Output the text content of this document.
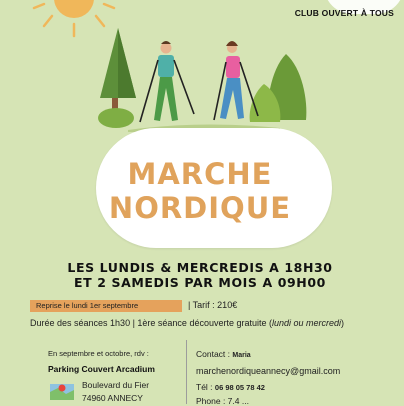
CLUB OUVERT À TOUS
MARCHE
NORDIQUE
LES LUNDIS & MERCREDIS A 18H30
ET 2 SAMEDIS PAR MOIS A 09H00
Reprise le lundi 1er septembre	| Tarif : 210€
Durée des séances 1h30 | 1ère séance découverte gratuite (lundi ou mercredi)
En septembre et octobre, rdv :
Parking Couvert Arcadium
Boulevard du Fier
74960 ANNECY
Contact : Maria
marchenordiqueannecy@gmail.com
Tél : 06 98 05 78 42
Phone : 7.4 ...
